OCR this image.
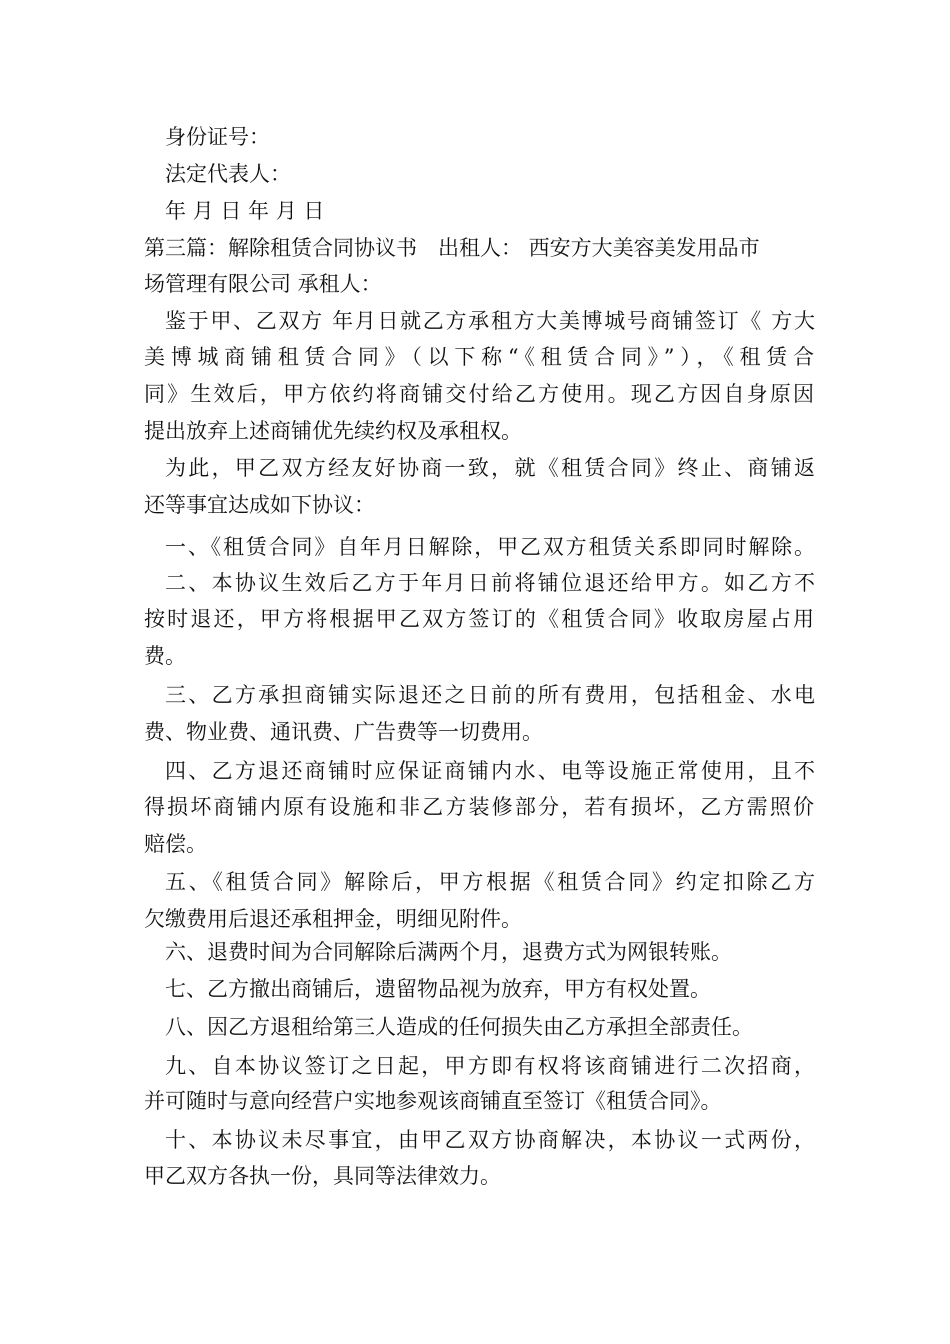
身份证号：
法定代表人：
年 月 日 年 月 日
第三篇：解除租赁合同协议书　出租人： 西安方大美容美发用品市
场管理有限公司 承租人：
鉴于甲、乙双方 年月日就乙方承租方大美博城号商铺签订《 方大
美博城商铺租赁合同》（以下称“《租赁合同》”），《租赁合
同》生效后，甲方依约将商铺交付给乙方使用。现乙方因自身原因
提出放弃上述商铺优先续约权及承租权。
为此，甲乙双方经友好协商一致，就《租赁合同》终止、商铺返
还等事宜达成如下协议：
一、《租赁合同》自年月日解除，甲乙双方租赁关系即同时解除。
二、本协议生效后乙方于年月日前将铺位退还给甲方。如乙方不
按时退还，甲方将根据甲乙双方签订的《租赁合同》收取房屋占用
费。
三、乙方承担商铺实际退还之日前的所有费用，包括租金、水电
费、物业费、通讯费、广告费等一切费用。
四、乙方退还商铺时应保证商铺内水、电等设施正常使用，且不
得损坏商铺内原有设施和非乙方装修部分，若有损坏，乙方需照价
赔偿。
五、《租赁合同》解除后，甲方根据《租赁合同》约定扣除乙方
欠缴费用后退还承租押金，明细见附件。
六、退费时间为合同解除后满两个月，退费方式为网银转账。
七、乙方撤出商铺后，遗留物品视为放弃，甲方有权处置。
八、因乙方退租给第三人造成的任何损失由乙方承担全部责任。
九、自本协议签订之日起，甲方即有权将该商铺进行二次招商，
并可随时与意向经营户实地参观该商铺直至签订《租赁合同》。
十、本协议未尽事宜，由甲乙双方协商解决，本协议一式两份，
甲乙双方各执一份，具同等法律效力。
